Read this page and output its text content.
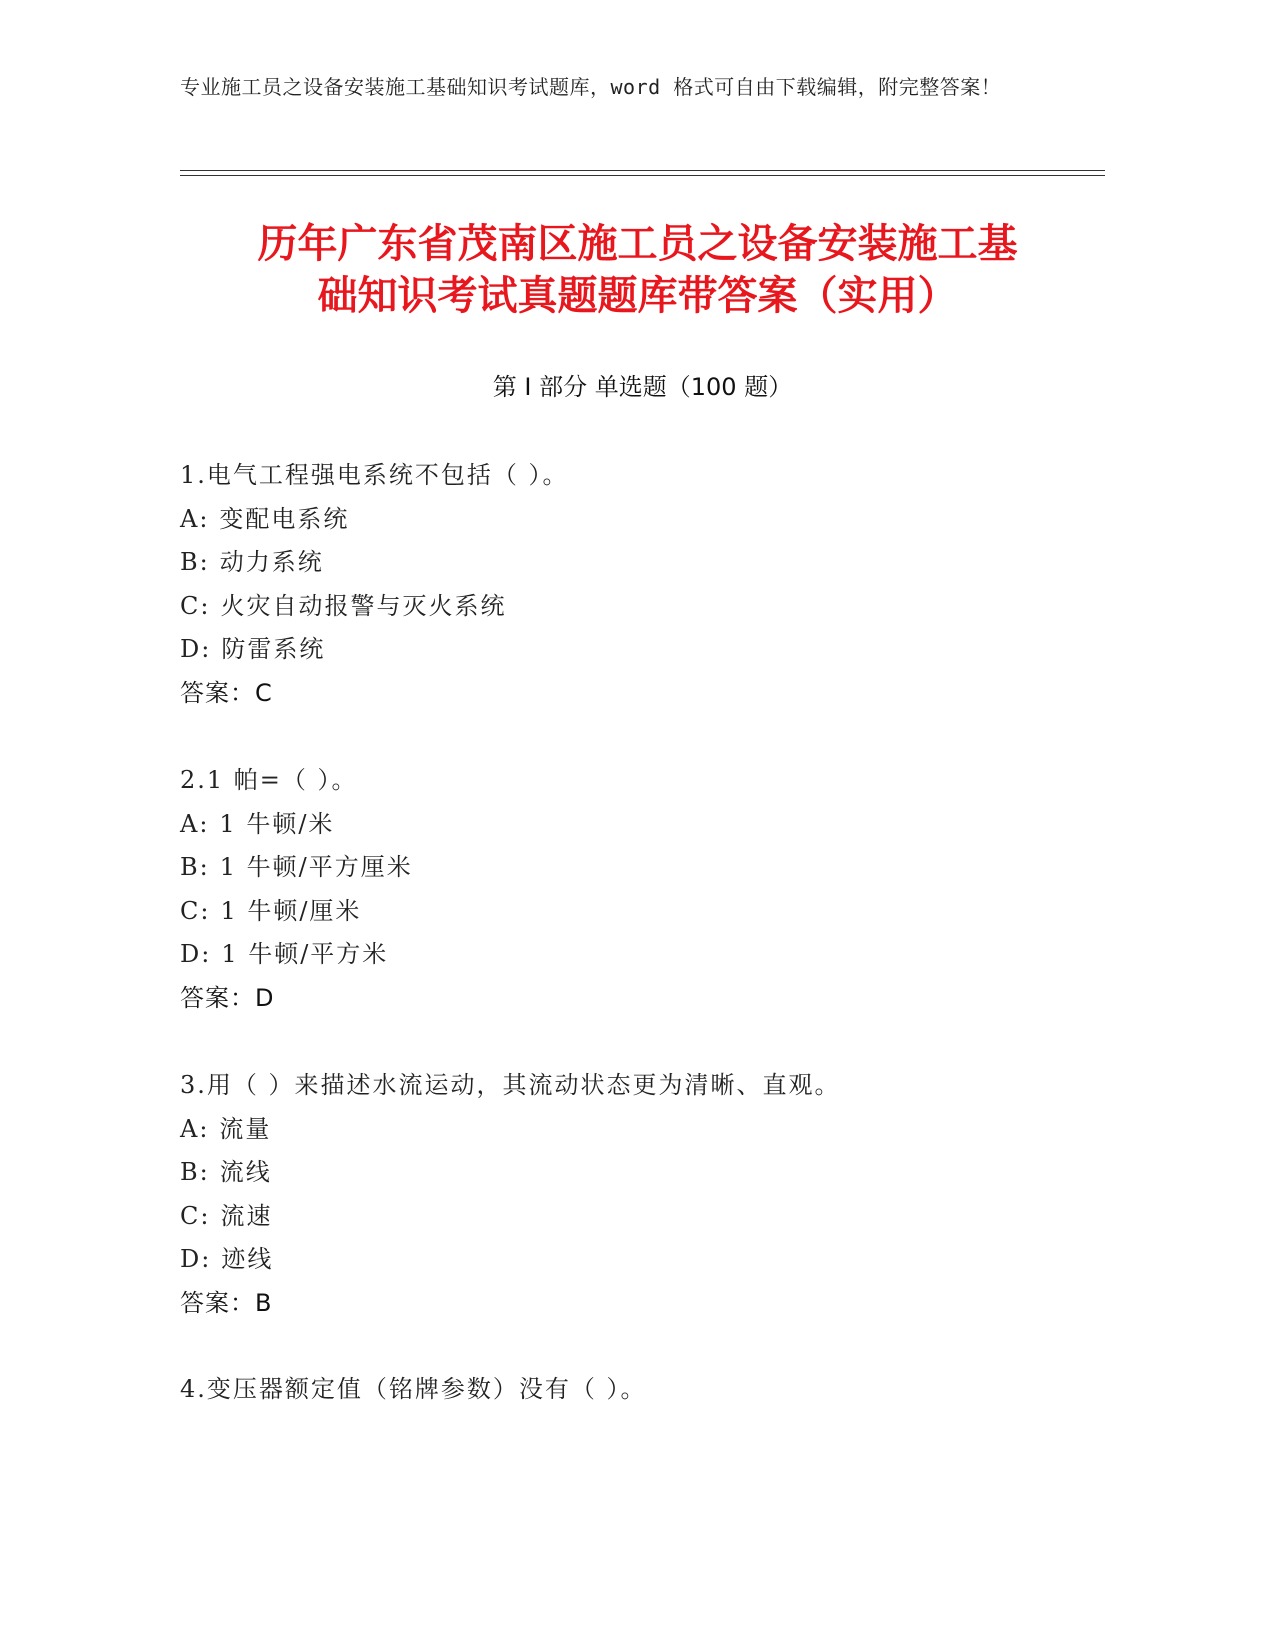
专业施工员之设备安装施工基础知识考试题库，word 格式可自由下载编辑，附完整答案！
历年广东省茂南区施工员之设备安装施工基
础知识考试真题题库带答案（实用）
第 I 部分 单选题（100 题）
1.电气工程强电系统不包括（ ）。
A: 变配电系统
B: 动力系统
C: 火灾自动报警与灭火系统
D: 防雷系统
答案：C
2.1 帕=（ ）。
A: 1 牛顿/米
B: 1 牛顿/平方厘米
C: 1 牛顿/厘米
D: 1 牛顿/平方米
答案：D
3.用（ ）来描述水流运动，其流动状态更为清晰、直观。
A: 流量
B: 流线
C: 流速
D: 迹线
答案：B
4.变压器额定值（铭牌参数）没有（ ）。
